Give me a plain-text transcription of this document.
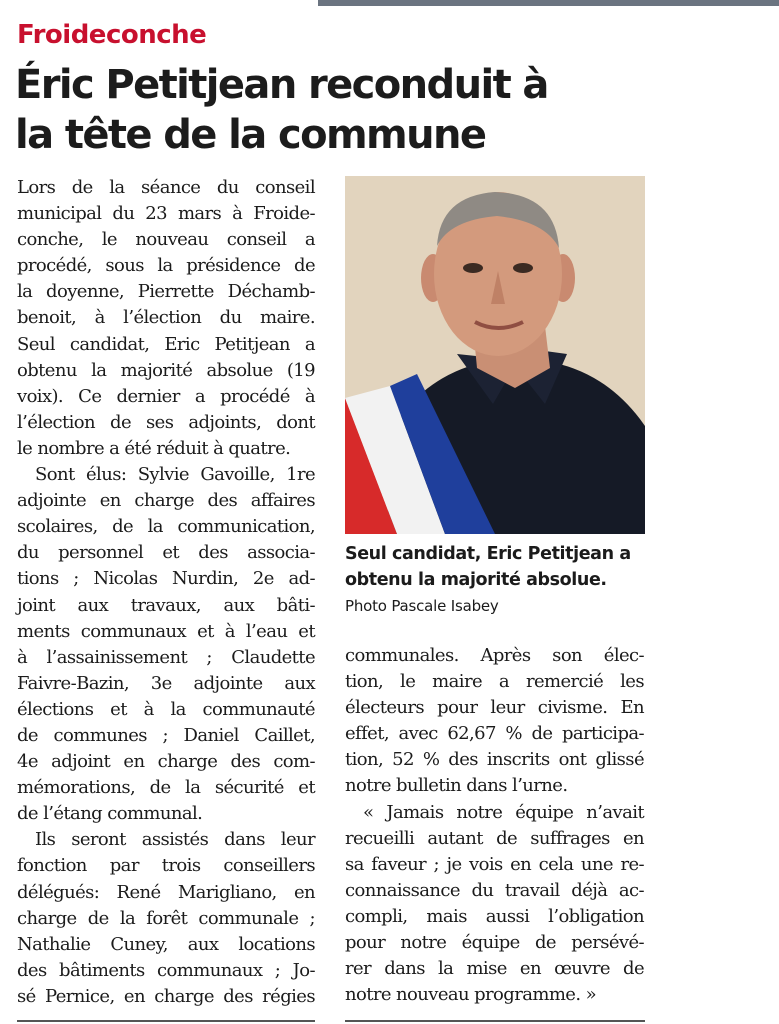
Froideconche
Éric Petitjean reconduit à
la tête de la commune
Lors de la séance du conseil
municipal du 23 mars à Froide-
conche, le nouveau conseil a
procédé, sous la présidence de
la doyenne, Pierrette Déchamb-
benoit, à l’élection du maire.
Seul candidat, Eric Petitjean a
obtenu la majorité absolue (19
voix). Ce dernier a procédé à
l’élection de ses adjoints, dont
le nombre a été réduit à quatre.
Sont élus: Sylvie Gavoille, 1re
adjointe en charge des affaires
scolaires, de la communication,
du personnel et des associa-
tions ; Nicolas Nurdin, 2e ad-
joint aux travaux, aux bâti-
ments communaux et à l’eau et
à l’assainissement ; Claudette
Faivre-Bazin, 3e adjointe aux
élections et à la communauté
de communes ; Daniel Caillet,
4e adjoint en charge des com-
mémorations, de la sécurité et
de l’étang communal.
Ils seront assistés dans leur
fonction par trois conseillers
délégués: René Marigliano, en
charge de la forêt communale ;
Nathalie Cuney, aux locations
des bâtiments communaux ; Jo-
sé Pernice, en charge des régies

Seul candidat, Eric Petitjean a obtenu la majorité absolue. Photo Pascale Isabey

communales. Après son élec-
tion, le maire a remercié les
électeurs pour leur civisme. En
effet, avec 62,67 % de participa-
tion, 52 % des inscrits ont glissé
notre bulletin dans l’urne.
« Jamais notre équipe n’avait
recueilli autant de suffrages en
sa faveur ; je vois en cela une re-
connaissance du travail déjà ac-
compli, mais aussi l’obligation
pour notre équipe de persévé-
rer dans la mise en œuvre de
notre nouveau programme. »
